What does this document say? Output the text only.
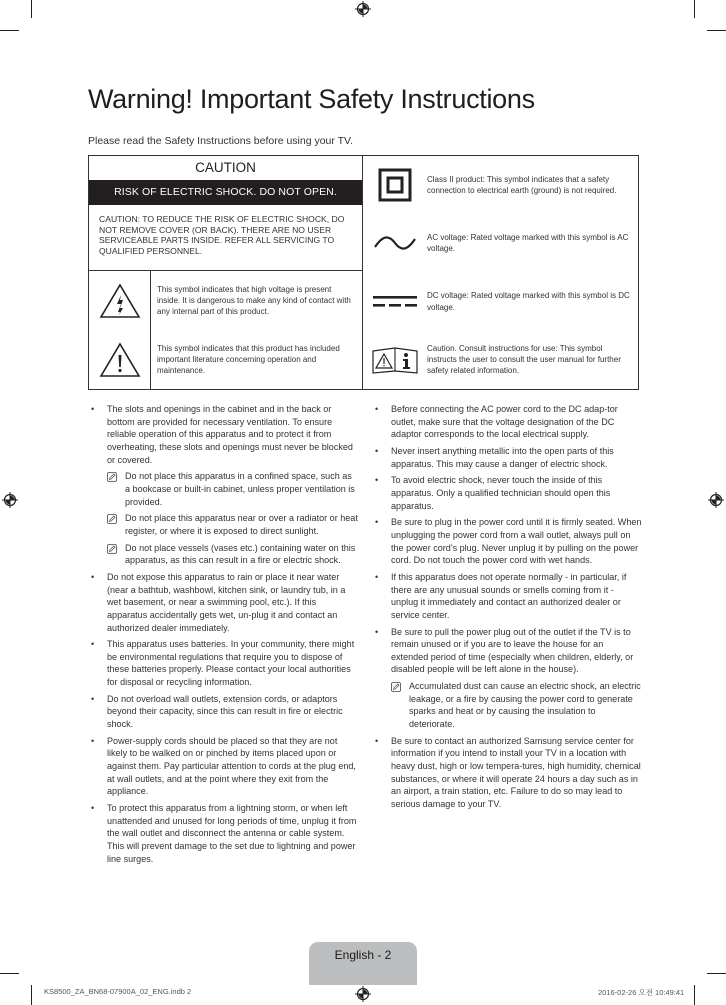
Warning! Important Safety Instructions

Please read the Safety Instructions before using your TV.

CAUTION
RISK OF ELECTRIC SHOCK. DO NOT OPEN.
CAUTION: TO REDUCE THE RISK OF ELECTRIC SHOCK, DO NOT REMOVE COVER (OR BACK). THERE ARE NO USER SERVICEABLE PARTS INSIDE. REFER ALL SERVICING TO QUALIFIED PERSONNEL.
This symbol indicates that high voltage is present inside. It is dangerous to make any kind of contact with any internal part of this product.
This symbol indicates that this product has included important literature concerning operation and maintenance.
Class II product: This symbol indicates that a safety connection to electrical earth (ground) is not required.
AC voltage: Rated voltage marked with this symbol is AC voltage.
DC voltage: Rated voltage marked with this symbol is DC voltage.
Caution. Consult instructions for use: This symbol instructs the user to consult the user manual for further safety related information.
• The slots and openings in the cabinet and in the back or bottom are provided for necessary ventilation. To ensure reliable operation of this apparatus and to protect it from overheating, these slots and openings must never be blocked or covered.
Do not place this apparatus in a confined space, such as a bookcase or built-in cabinet, unless proper ventilation is provided.
Do not place this apparatus near or over a radiator or heat register, or where it is exposed to direct sunlight.
Do not place vessels (vases etc.) containing water on this apparatus, as this can result in a fire or electric shock.
• Do not expose this apparatus to rain or place it near water (near a bathtub, washbowl, kitchen sink, or laundry tub, in a wet basement, or near a swimming pool, etc.). If this apparatus accidentally gets wet, un-plug it and contact an authorized dealer immediately.
• This apparatus uses batteries. In your community, there might be environmental regulations that require you to dispose of these batteries properly. Please contact your local authorities for disposal or recycling information.
• Do not overload wall outlets, extension cords, or adaptors beyond their capacity, since this can result in fire or electric shock.
• Power-supply cords should be placed so that they are not likely to be walked on or pinched by items placed upon or against them. Pay particular attention to cords at the plug end, at wall outlets, and at the point where they exit from the appliance.
• To protect this apparatus from a lightning storm, or when left unattended and unused for long periods of time, unplug it from the wall outlet and disconnect the antenna or cable system. This will prevent damage to the set due to lightning and power line surges.
• Before connecting the AC power cord to the DC adap-tor outlet, make sure that the voltage designation of the DC adaptor corresponds to the local electrical supply.
• Never insert anything metallic into the open parts of this apparatus. This may cause a danger of electric shock.
• To avoid electric shock, never touch the inside of this apparatus. Only a qualified technician should open this apparatus.
• Be sure to plug in the power cord until it is firmly seated. When unplugging the power cord from a wall outlet, always pull on the power cord's plug. Never unplug it by pulling on the power cord. Do not touch the power cord with wet hands.
• If this apparatus does not operate normally - in particular, if there are any unusual sounds or smells coming from it - unplug it immediately and contact an authorized dealer or service center.
• Be sure to pull the power plug out of the outlet if the TV is to remain unused or if you are to leave the house for an extended period of time (especially when children, elderly, or disabled people will be left alone in the house).
Accumulated dust can cause an electric shock, an electric leakage, or a fire by causing the power cord to generate sparks and heat or by causing the insulation to deteriorate.
• Be sure to contact an authorized Samsung service center for information if you intend to install your TV in a location with heavy dust, high or low tempera-tures, high humidity, chemical substances, or where it will operate 24 hours a day such as in an airport, a train station, etc. Failure to do so may lead to serious damage to your TV.
English - 2
KS8500_ZA_BN68-07900A_02_ENG.indb 2	2016-02-26 오전 10:49:41
